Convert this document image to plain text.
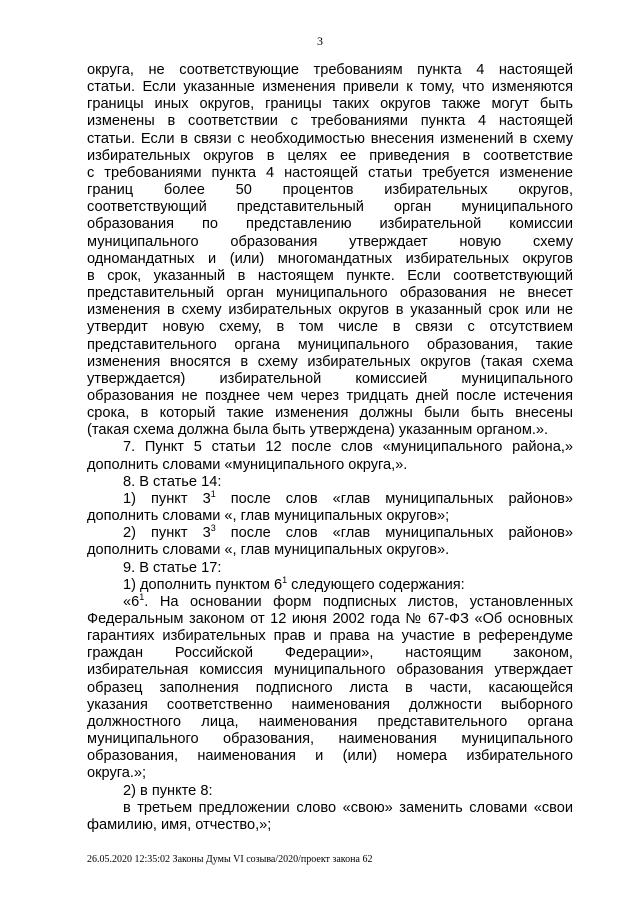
3

округа, не соответствующие требованиям пункта 4 настоящей

статьи. Если указанные изменения привели к тому, что изменяются

границы иных округов, границы таких округов также могут быть

изменены в соответствии с требованиями пункта 4 настоящей

статьи. Если в связи с необходимостью внесения изменений в схему

избирательных округов в целях ее приведения в соответствие

с требованиями пункта 4 настоящей статьи требуется изменение

границ более 50 процентов избирательных округов,

соответствующий представительный орган муниципального

образования по представлению избирательной комиссии

муниципального образования утверждает новую схему

одномандатных и (или) многомандатных избирательных округов

в срок, указанный в настоящем пункте. Если соответствующий

представительный орган муниципального образования не внесет

изменения в схему избирательных округов в указанный срок или не

утвердит новую схему, в том числе в связи с отсутствием

представительного органа муниципального образования, такие

изменения вносятся в схему избирательных округов (такая схема

утверждается) избирательной комиссией муниципального

образования не позднее чем через тридцать дней после истечения

срока, в который такие изменения должны были быть внесены

(такая схема должна была быть утверждена) указанным органом.».

7. Пункт 5 статьи 12 после слов «муниципального района,»

дополнить словами «муниципального округа,».

8. В статье 14:

1) пункт $3^1$ после слов «глав муниципальных районов»

дополнить словами «, глав муниципальных округов»;

2) пункт $3^3$ после слов «глав муниципальных районов»

дополнить словами «, глав муниципальных округов».

9. В статье 17:

1) дополнить пунктом $6^1$ следующего содержания:

«$6^1$. На основании форм подписных листов, установленных

Федеральным законом от 12 июня 2002 года № 67-ФЗ «Об основных

гарантиях избирательных прав и права на участие в референдуме

граждан Российской Федерации», настоящим законом,

избирательная комиссия муниципального образования утверждает

образец заполнения подписного листа в части, касающейся

указания соответственно наименования должности выборного

должностного лица, наименования представительного органа

муниципального образования, наименования муниципального

образования, наименования и (или) номера избирательного

округа.»;

2) в пункте 8:

в третьем предложении слово «свою» заменить словами «свои

фамилию, имя, отчество,»;

26.05.2020 12:35:02 Законы Думы VI созыва/2020/проект закона 62
